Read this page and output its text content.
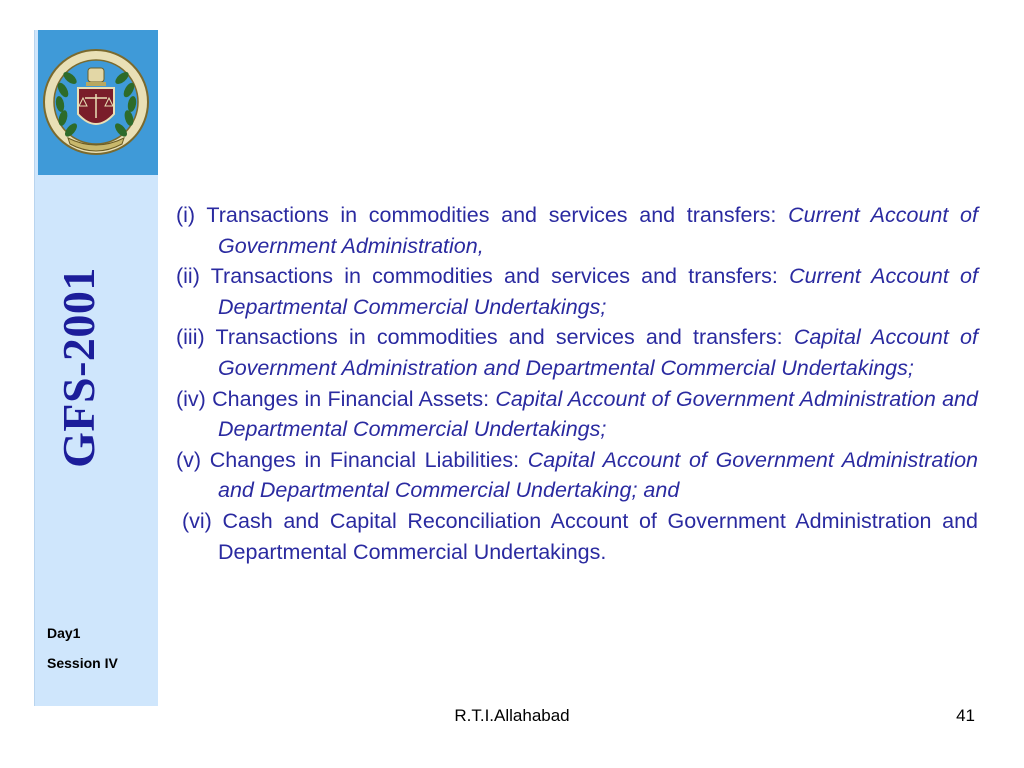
GFS-2001
Day1
Session IV
(i) Transactions in commodities and services and transfers: Current Account of Government Administration,
(ii) Transactions in commodities and services and transfers: Current Account of Departmental Commercial Undertakings;
(iii) Transactions in commodities and services and transfers: Capital Account of Government Administration and Departmental Commercial Undertakings;
(iv) Changes in Financial Assets: Capital Account of Government Administration and Departmental Commercial Undertakings;
(v) Changes in Financial Liabilities: Capital Account of Government Administration and Departmental Commercial Undertaking; and
(vi) Cash and Capital Reconciliation Account of Government Administration and Departmental Commercial Undertakings.
R.T.I.Allahabad	41
